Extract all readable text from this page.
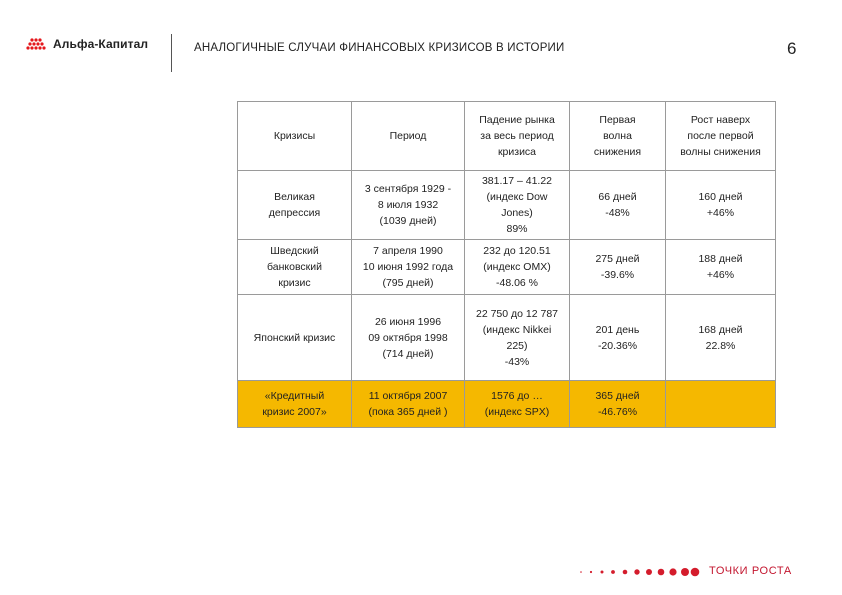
Альфа-Капитал	АНАЛОГИЧНЫЕ СЛУЧАИ ФИНАНСОВЫХ КРИЗИСОВ В ИСТОРИИ	6
Кризисы	Период	Падение рынка
за весь период
кризиса	Первая
волна
снижения	Рост наверх
после первой
волны снижения

Великая
депрессия	3 сентября 1929 -
8 июля 1932
(1039 дней)	381.17 – 41.22
(индекс Dow
Jones)
89%	66 дней
-48%	160 дней
+46%

Шведский
банковский
кризис	7 апреля 1990
10 июня 1992 года
(795 дней)	232 до 120.51
(индекс OMX)
-48.06 %	275 дней
-39.6%	188 дней
+46%

Японский кризис	26 июня 1996
09 октября 1998
(714 дней)	22 750 до 12 787
(индекс Nikkei
225)
-43%	201 день
-20.36%	168 дней
22.8%

«Кредитный
кризис 2007»	11 октября 2007
(пока 365 дней )	1576 до …
(индекс SPX)	365 дней
-46.76%	

ТОЧКИ РОСТА
